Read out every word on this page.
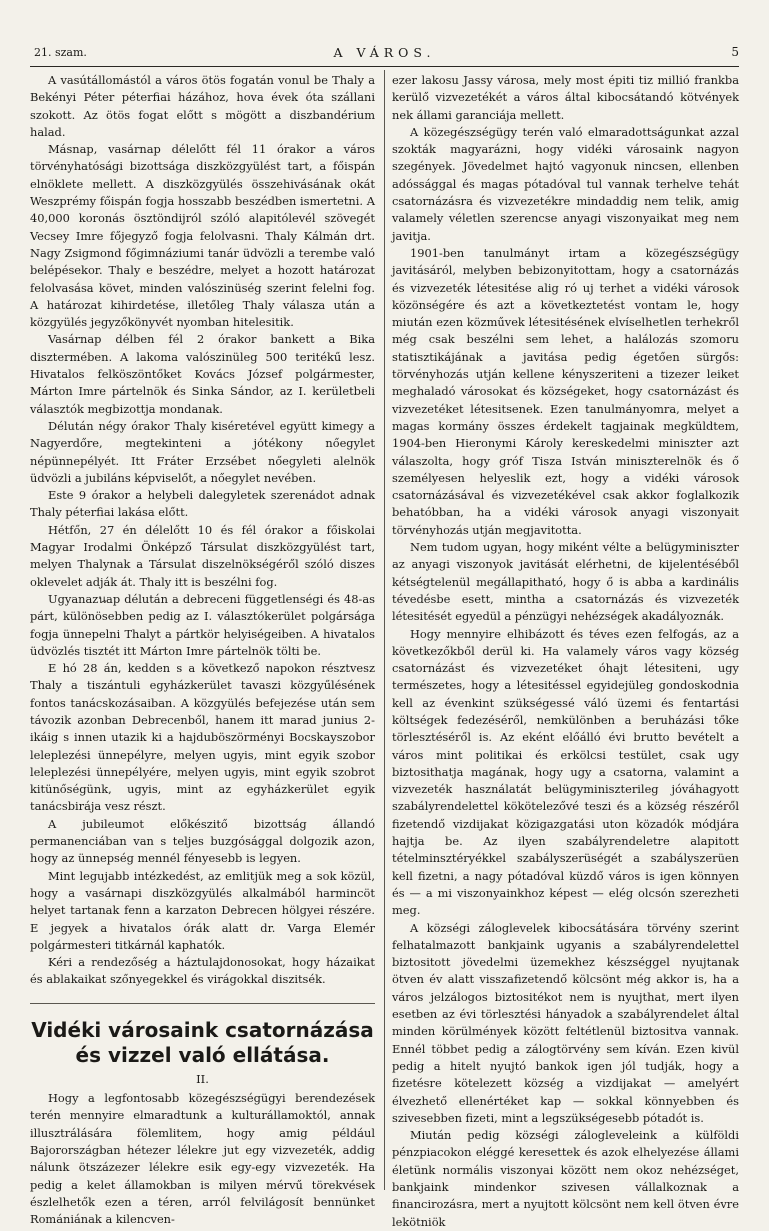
21. szam.	A VÁROS.	5

A vasútállomástól a város ötös fogatán vonul be Thaly a Bekényi Péter péterfiai házához, hova évek óta szállani szokott. Az ötös fogat előtt s mögött a diszbandérium halad.

Másnap, vasárnap délelőtt fél 11 órakor a város törvényhatósági bizottsága diszközgyülést tart, a főispán elnöklete mellett. A diszközgyülés összehivásának okát Weszprémy főispán fogja hosszabb beszédben ismertetni. A 40,000 koronás ösztöndijról szóló alapitólevél szövegét Vecsey Imre főjegyző fogja felolvasni. Thaly Kálmán drt. Nagy Zsigmond főgimnáziumi tanár üdvözli a terembe való belépésekor. Thaly e beszédre, melyet a hozott határozat felolvasása követ, minden valószinüség szerint felelni fog. A határozat kihirdetése, illetőleg Thaly válasza után a közgyülés jegyzőkönyvét nyomban hitelesitik.

Vasárnap délben fél 2 órakor bankett a Bika disztermében. A lakoma valószinüleg 500 teritékű lesz. Hivatalos felköszöntőket Kovács József polgármester, Márton Imre pártelnök és Sinka Sándor, az I. kerületbeli választók megbizottja mondanak.

Délután négy órakor Thaly kiséretével együtt kimegy a Nagyerdőre, megtekinteni a jótékony nőegylet népünnepélyét. Itt Fráter Erzsébet nőegyleti alelnök üdvözli a jubiláns képviselőt, a nőegylet nevében.

Este 9 órakor a helybeli dalegyletek szerenádot adnak Thaly péterfiai lakása előtt.

Hétfőn, 27 én délelőtt 10 és fél órakor a főiskolai Magyar Irodalmi Önképző Társulat diszközgyülést tart, melyen Thalynak a Társulat diszelnökségéről szóló diszes oklevelet adják át. Thaly itt is beszélni fog.

Ugyanazนap délután a debreceni függetlenségi és 48-as párt, különösebben pedig az I. választókerület polgársága fogja ünnepelni Thalyt a pártkör helyiségeiben. A hivatalos üdvözlés tisztét itt Márton Imre pártelnök tölti be.

E hó 28 án, kedden s a következő napokon résztvesz Thaly a tiszántuli egyházkerület tavaszi közgyűlésének fontos tanácskozásaiban. A közgyülés befejezése után sem távozik azonban Debrecenből, hanem itt marad junius 2-ikáig s innen utazik ki a hajduböszörményi Bocskayszobor leleplezési ünnepélyre, melyen ugyis, mint egyik szobor leleplezési ünnepélyére, melyen ugyis, mint egyik szobrot kitünőségünk, ugyis, mint az egyházkerület egyik tanácsbirája vesz részt.

A jubileumot előkészitő bizottság állandó permanenciában van s teljes buzgósággal dolgozik azon, hogy az ünnepség mennél fényesebb is legyen.

Mint legujabb intézkedést, az emlitjük meg a sok közül, hogy a vasárnapi diszközgyülés alkalmából harmincöt helyet tartanak fenn a karzaton Debrecen hölgyei részére. E jegyek a hivatalos órák alatt dr. Varga Elemér polgármesteri titkárnál kaphatók.

Kéri a rendezőség a háztulajdonosokat, hogy házaikat és ablakaikat szőnyegekkel és virágokkal diszitsék.

Vidéki városaink csatornázása és vizzel való ellátása.
II.

Hogy a legfontosabb közegészségügyi berendezések terén mennyire elmaradtunk a kulturállamoktól, annak illusztrálására fölemlitem, hogy amig például Bajorországban hétezer lélekre jut egy vizvezeték, addig nálunk ötszázezer lélekre esik egy-egy vizvezeték. Ha pedig a kelet államokban is milyen mérvű törekvések észlelhetők ezen a téren, arról felvilágosít bennünket Romániának a kilencven-

ezer lakosu Jassy városa, mely most épiti tiz millió frankba kerülő vizvezetékét a város által kibocsátandó kötvények nek állami garanciája mellett.

A közegészségügy terén való elmaradottságunkat azzal szokták magyarázni, hogy vidéki városaink nagyon szegények. Jövedelmet hajtó vagyonuk nincsen, ellenben adóssággal és magas pótadóval tul vannak terhelve tehát csatornázásra és vizvezetékre mindaddig nem telik, amig valamely véletlen szerencse anyagi viszonyaikat meg nem javitja.

1901-ben tanulmányt irtam a közegészségügy javitásáról, melyben bebizonyitottam, hogy a csatornázás és vizvezeték létesitése alig ró uj terhet a vidéki városok közönségére és azt a következtetést vontam le, hogy miután ezen közművek létesitésének elvíselhetlen terhekről még csak beszélni sem lehet, a halálozás szomoru statisztikájának a javitása pedig égetően sürgős: törvényhozás utján kellene kényszeriteni a tizezer leiket meghaladó városokat és községeket, hogy csatornázást és vizvezetéket létesitsenek. Ezen tanulmányomra, melyet a magas kormány összes érdekelt tagjainak megküldtem, 1904-ben Hieronymi Károly kereskedelmi miniszter azt válaszolta, hogy gróf Tisza István miniszterelnök és ő személyesen helyeslik ezt, hogy a vidéki városok csatornázásával és vizvezetékével csak akkor foglalkozik behatóbban, ha a vidéki városok anyagi viszonyait törvényhozás utján megjavitotta.

Nem tudom ugyan, hogy miként vélte a belügyminiszter az anyagi viszonyok javitását elérhetni, de kijelentéséből kétségtelenül megállapitható, hogy ő is abba a kardinális tévedésbe esett, mintha a csatornázás és vizvezeték létesitését egyedül a pénzügyi nehézségek akadályoznák.

Hogy mennyire elhibázott és téves ezen felfogás, az a következőkből derül ki. Ha valamely város vagy község csatornázást és vizvezetéket óhajt létesiteni, ugy természetes, hogy a létesitéssel egyidejüleg gondoskodnia kell az évenkint szükségessé váló üzemi és fentartási költségek fedezéséről, nemkülönben a beruházási tőke törlesztéséről is. Az eként előálló évi brutto bevételt a város mint politikai és erkölcsi testület, csak ugy biztosithatja magának, hogy ugy a csatorna, valamint a vizvezeték használatát belügyminiszterileg jóváhagyott szabályrendelettel kökötelezővé teszi és a község részéről fizetendő vizdijakat közigazgatási uton közadók módjára hajtja be. Az ilyen szabályrendeletre alapitott tételminsztéryékkel szabályszerüségét a szabályszerüen kell fizetni, a nagy pótadóval küzdő város is igen könnyen és — a mi viszonyainkhoz képest — elég olcsón szerezheti meg.

A községi záloglevelek kibocsátására törvény szerint felhatalmazott bankjaink ugyanis a szabályrendelettel biztositott jövedelmi üzemekhez készséggel nyujtanak ötven év alatt visszafizetendő kölcsönt még akkor is, ha a város jelzálogos biztositékot nem is nyujthat, mert ilyen esetben az évi törlesztési hányadok a szabályrendelet által minden körülmények között feltétlenül biztositva vannak. Ennél többet pedig a zálogtörvény sem kíván. Ezen kivül pedig a hitelt nyujtó bankok igen jól tudják, hogy a fizetésre kötelezett község a vizdijakat — amelyért élvezhető ellenértéket kap — sokkal könnyebben és szivesebben fizeti, mint a legszükségesebb pótadót is.

Miután pedig községi zálogleveleink a külföldi pénzpiacokon eléggé keresettek és azok elhelyezése állami életünk normális viszonyai között nem okoz nehézséget, bankjaink mindenkor szivesen vállalkoznak a financirozásra, mert a nyujtott kölcsönt nem kell ötven évre lekötniök
